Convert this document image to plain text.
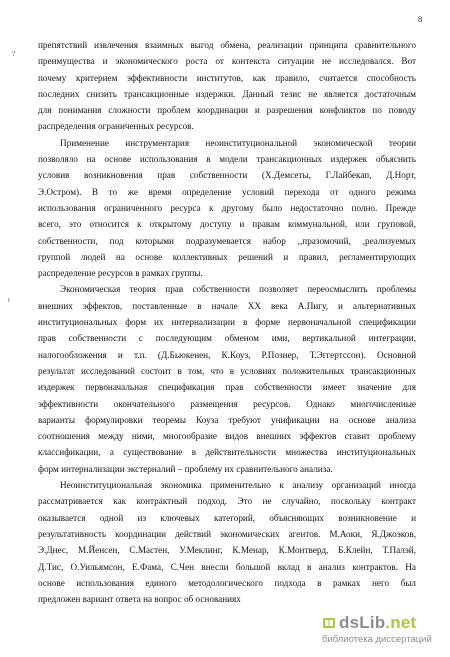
8
?
t

препятствий извлечения взаимных выгод обмена, реализации принципа сравнительного

преимущества и экономического роста от контекста ситуации не исследовался. Вот

почему критерием эффективности институтов, как правило, считается способность

последних снизить трансакционные издержки. Данный тезис не является достаточным

для понимания сложности проблем координации и разрешения конфликтов по поводу

распределения ограниченных ресурсов.

Применение инструментария неоинституциональной экономической теории

позволяло на основе использования в модели трансакционных издержек объяснить

условия возникновения прав собственности (Х.Демсеты, Г.Лайбекап, Д.Норт,

Э.Остром). В то же время определение условий перехода от одного режима

использования ограниченного ресурса к другому было недостаточно полно. Прежде

всего, это относится к открытому доступу и правам коммунальной, или груповой,

собственности, под которыми подразумевается набор ,,празомочий, ,реализуемых

группой людей на основе коллективных решений и правил, регламентирующих

распределение ресурсов в рамках группы.

Экономическая теория прав собственности позволяет переосмыслить проблемы

внешних эффектов, поставленные в начале XX века А.Пигу, и альтернативных

институциональных форм их интернализации в форме первоначальной спецификации

прав собственности с последующим обменом ими, вертикальной интеграции,

налогообложения и т.п. (Д.Бьюкенен, К.Коуз, Р.Познер, Т.Эггертссон). Основной

результат исследований состоит в том, что в условиях положительных трансакционных

издержек первоначальная спецификация прав собственности имеет значение для

эффективности окончательного размещения ресурсов. Однако многочисленные

варианты формулировки теоремы Коуза требуют унификации на основе анализа

соотношения между ними, многообразие видов внешних эффектов ставит проблему

классификации, а существование в действительности множества институциональных

форм интернализации экстерналий – проблему их сравнительного анализа.

Неоинституциональная экономика применительно к анализу организаций иногда

рассматривается как контрактный подход. Это не случайно, поскольку контракт

оказывается одной из ключевых категорий, объясняющих возникновение и

результативность координации действий экономических агентов. М.Аоки, Я.Джоэков,

Э.Днес, М.Йенсен, С.Мастен, У.Меклинг, К.Менар, К.Монтверд, Б.Клейн, Т.Палэй,

Д.Тис, О.Уильямсон, Е.Фама, С.Чен внесли большой вклад в анализ контрактов. На

основе использования единого методологического подхода в рамках него был

предложен вариант ответа на вопрос об основаниях

dsLib.net
библиотека диссертаций
